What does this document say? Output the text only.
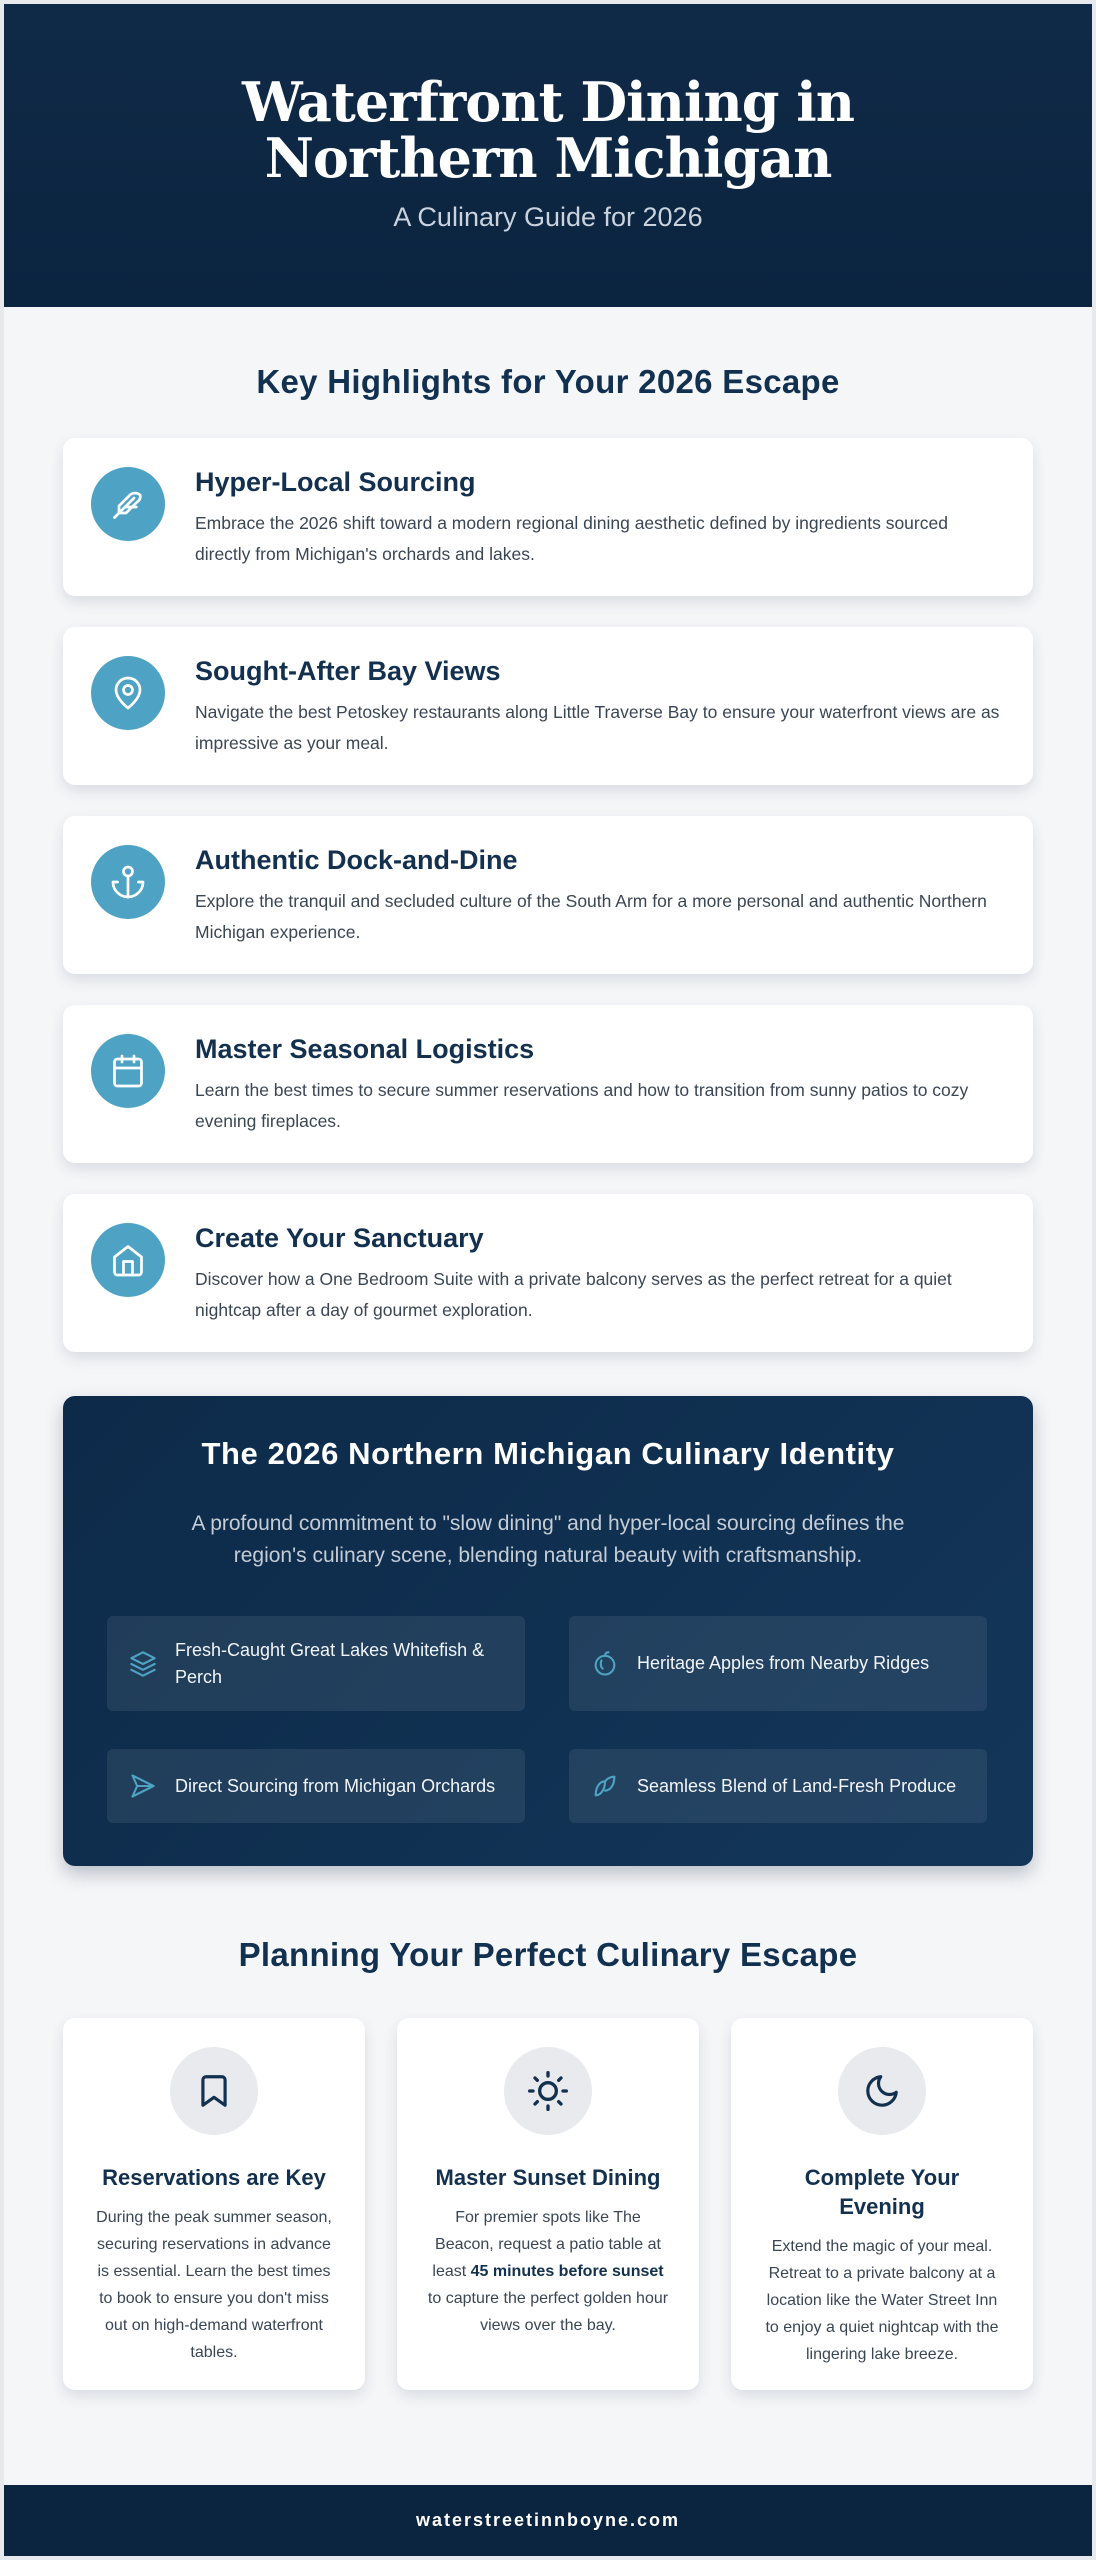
Waterfront Dining in Northern Michigan
A Culinary Guide for 2026
Key Highlights for Your 2026 Escape
Hyper-Local Sourcing

Embrace the 2026 shift toward a modern regional dining aesthetic defined by ingredients sourced directly from Michigan's orchards and lakes.

Sought-After Bay Views

Navigate the best Petoskey restaurants along Little Traverse Bay to ensure your waterfront views are as impressive as your meal.

Authentic Dock-and-Dine

Explore the tranquil and secluded culture of the South Arm for a more personal and authentic Northern Michigan experience.

Master Seasonal Logistics

Learn the best times to secure summer reservations and how to transition from sunny patios to cozy evening fireplaces.

Create Your Sanctuary

Discover how a One Bedroom Suite with a private balcony serves as the perfect retreat for a quiet nightcap after a day of gourmet exploration.

The 2026 Northern Michigan Culinary Identity

A profound commitment to "slow dining" and hyper-local sourcing defines the region's culinary scene, blending natural beauty with craftsmanship.

Fresh-Caught Great Lakes Whitefish & Perch
Heritage Apples from Nearby Ridges
Direct Sourcing from Michigan Orchards	Seamless Blend of Land-Fresh Produce
Planning Your Perfect Culinary Escape
Reservations are Key

During the peak summer season, securing reservations in advance is essential. Learn the best times to book to ensure you don't miss out on high-demand waterfront tables.

Master Sunset Dining

For premier spots like The Beacon, request a patio table at least 45 minutes before sunset to capture the perfect golden hour views over the bay.

Complete Your Evening

Extend the magic of your meal. Retreat to a private balcony at a location like the Water Street Inn to enjoy a quiet nightcap with the lingering lake breeze.

waterstreetinnboyne.com
